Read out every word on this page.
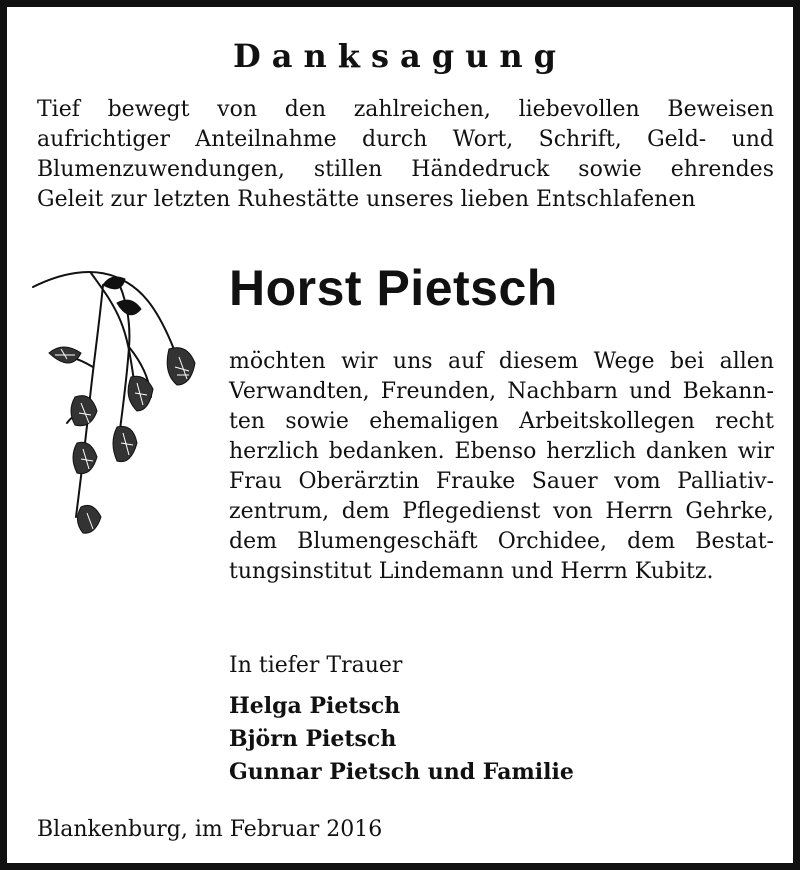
Danksagung
Tief bewegt von den zahlreichen, liebevollen Beweisen
aufrichtiger Anteilnahme durch Wort, Schrift, Geld- und
Blumenzuwendungen, stillen Händedruck sowie ehrendes
Geleit zur letzten Ruhestätte unseres lieben Entschlafenen
Horst Pietsch
möchten wir uns auf diesem Wege bei allen
Verwandten, Freunden, Nachbarn und Bekann-
ten sowie ehemaligen Arbeitskollegen recht
herzlich bedanken. Ebenso herzlich danken wir
Frau Oberärztin Frauke Sauer vom Palliativ-
zentrum, dem Pflegedienst von Herrn Gehrke,
dem Blumengeschäft Orchidee, dem Bestat-
tungsinstitut Lindemann und Herrn Kubitz.
In tiefer Trauer
Helga Pietsch
Björn Pietsch
Gunnar Pietsch und Familie
Blankenburg, im Februar 2016
